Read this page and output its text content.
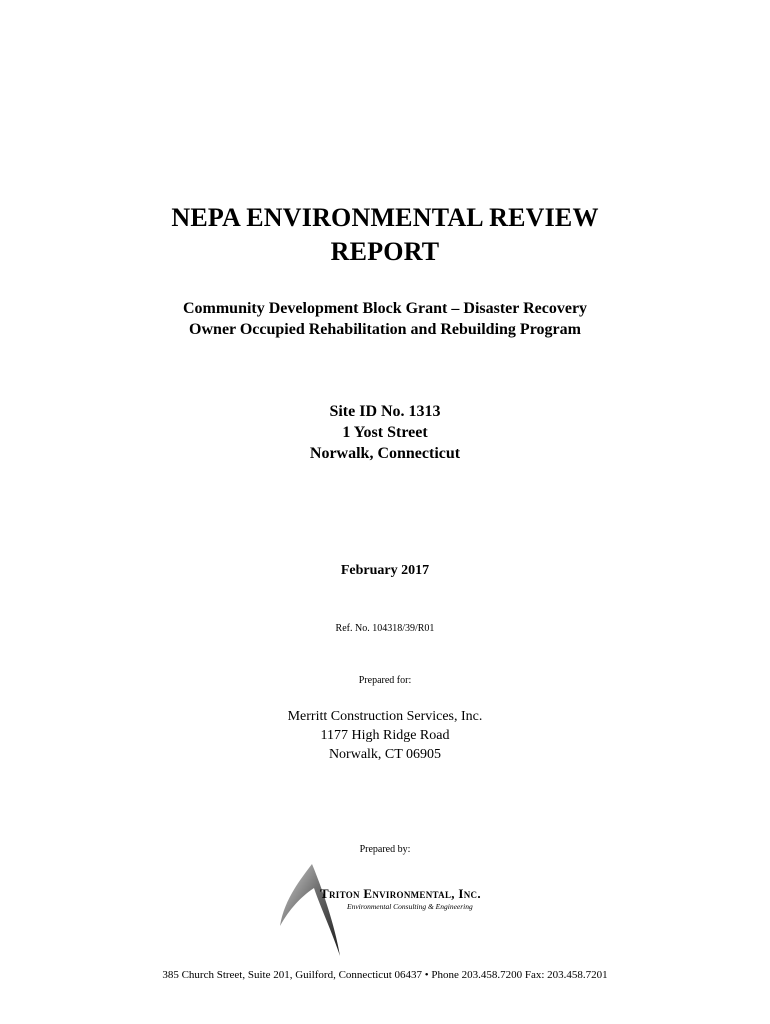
NEPA ENVIRONMENTAL REVIEW
REPORT
Community Development Block Grant – Disaster Recovery
Owner Occupied Rehabilitation and Rebuilding Program
Site ID No. 1313
1 Yost Street
Norwalk, Connecticut
February 2017
Ref. No. 104318/39/R01
Prepared for:
Merritt Construction Services, Inc.
1177 High Ridge Road
Norwalk, CT 06905
Prepared by:
Triton Environmental, Inc.
Environmental Consulting & Engineering
385 Church Street, Suite 201, Guilford, Connecticut 06437 • Phone 203.458.7200 Fax: 203.458.7201
